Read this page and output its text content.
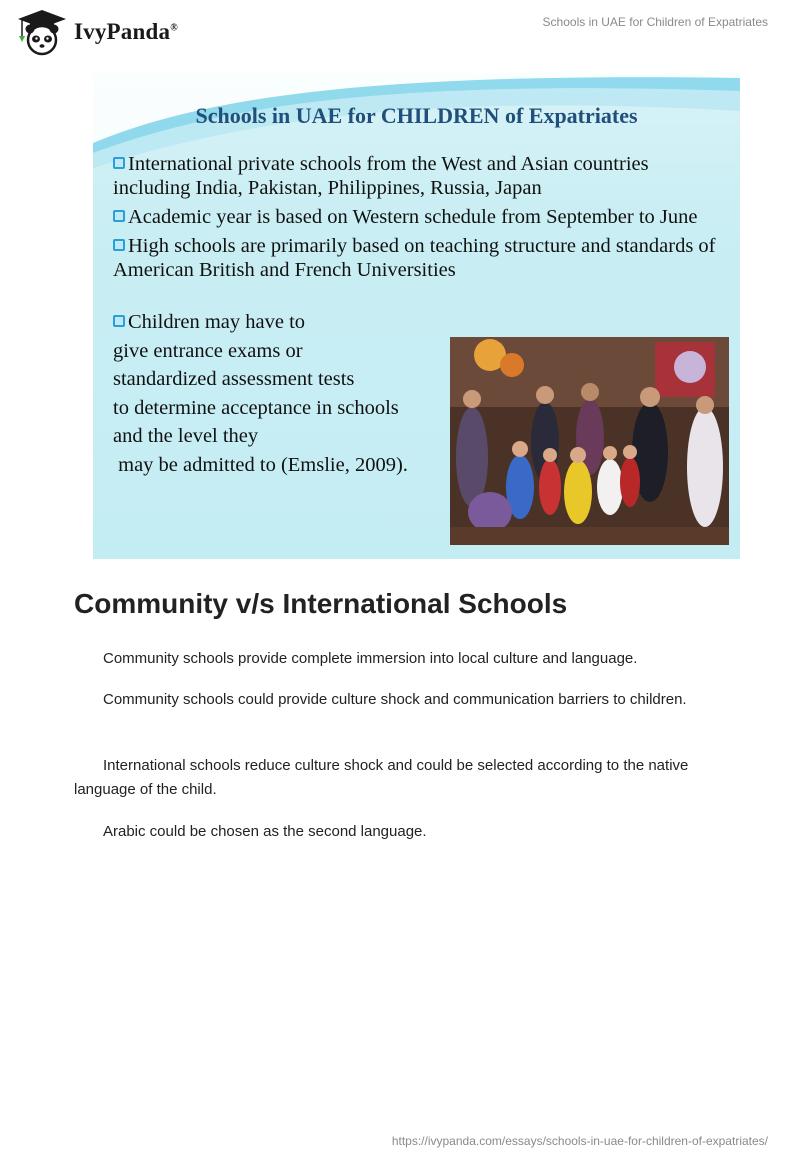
IvyPanda®	Schools in UAE for Children of Expatriates
Schools in UAE for CHILDREN of Expatriates
International private schools from the West and Asian countries including India, Pakistan, Philippines, Russia, Japan
Academic year is based on Western schedule from September to June
High schools are primarily based on teaching structure and standards of American British and French Universities
Children may have to
give entrance exams or
standardized assessment tests
to determine acceptance in schools
and the level they
may be admitted to (Emslie, 2009).
Community v/s International Schools

Community schools provide complete immersion into local culture and language.

Community schools could provide culture shock and communication barriers to children.

International schools reduce culture shock and could be selected according to the native language of the child.

Arabic could be chosen as the second language.

https://ivypanda.com/essays/schools-in-uae-for-children-of-expatriates/
